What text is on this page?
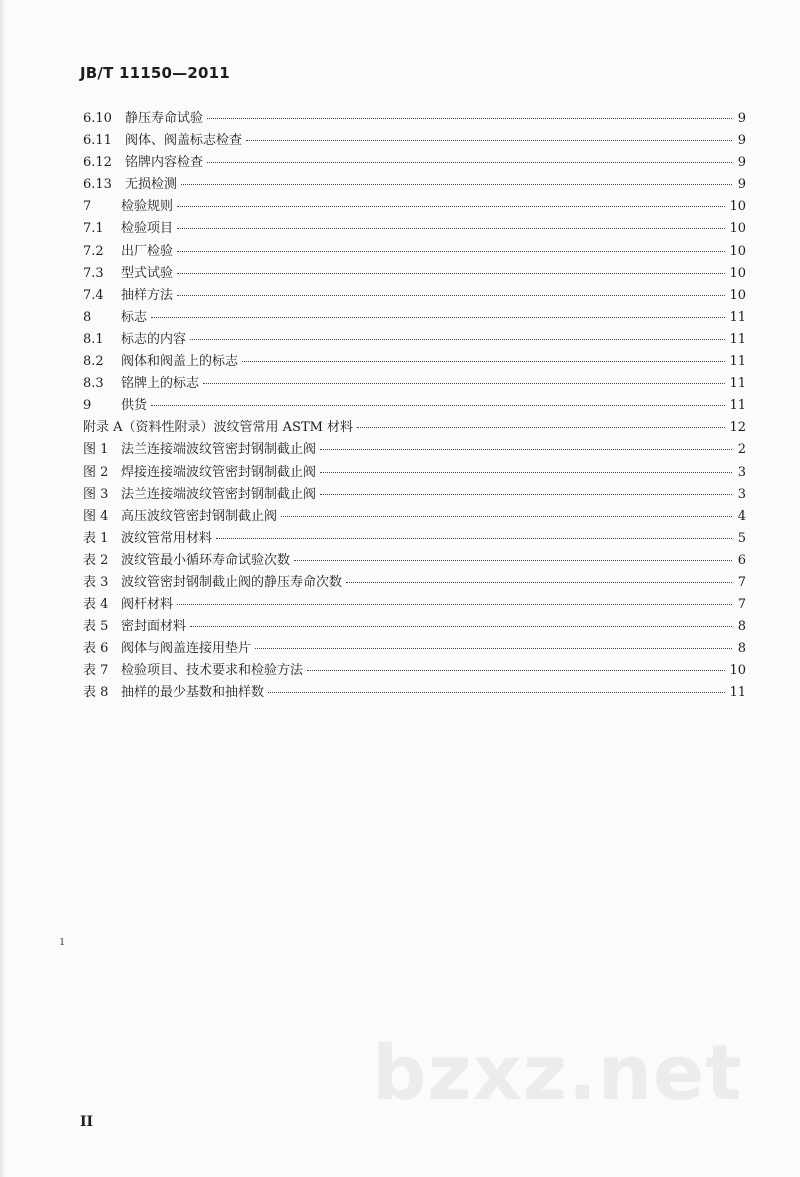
JB/T 11150—2011
6.10	静压寿命试验	9
6.11	阀体、阀盖标志检查	9
6.12	铭牌内容检查	9
6.13	无损检测	9
7	检验规则	10
7.1	检验项目	10
7.2	出厂检验	10
7.3	型式试验	10
7.4	抽样方法	10
8	标志	11
8.1	标志的内容	11
8.2	阀体和阀盖上的标志	11
8.3	铭牌上的标志	11
9	供货	11
附录 A（资料性附录）波纹管常用 ASTM 材料	12
图 1 法兰连接端波纹管密封钢制截止阀	2
图 2 焊接连接端波纹管密封钢制截止阀	3
图 3 法兰连接端波纹管密封钢制截止阀	3
图 4 高压波纹管密封钢制截止阀	4
表 1 波纹管常用材料	5
表 2 波纹管最小循环寿命试验次数	6
表 3 波纹管密封钢制截止阀的静压寿命次数	7
表 4 阀杆材料	7
表 5 密封面材料	8
表 6 阀体与阀盖连接用垫片	8
表 7 检验项目、技术要求和检验方法	10
表 8 抽样的最少基数和抽样数	11
ı
bzxz.net
II
